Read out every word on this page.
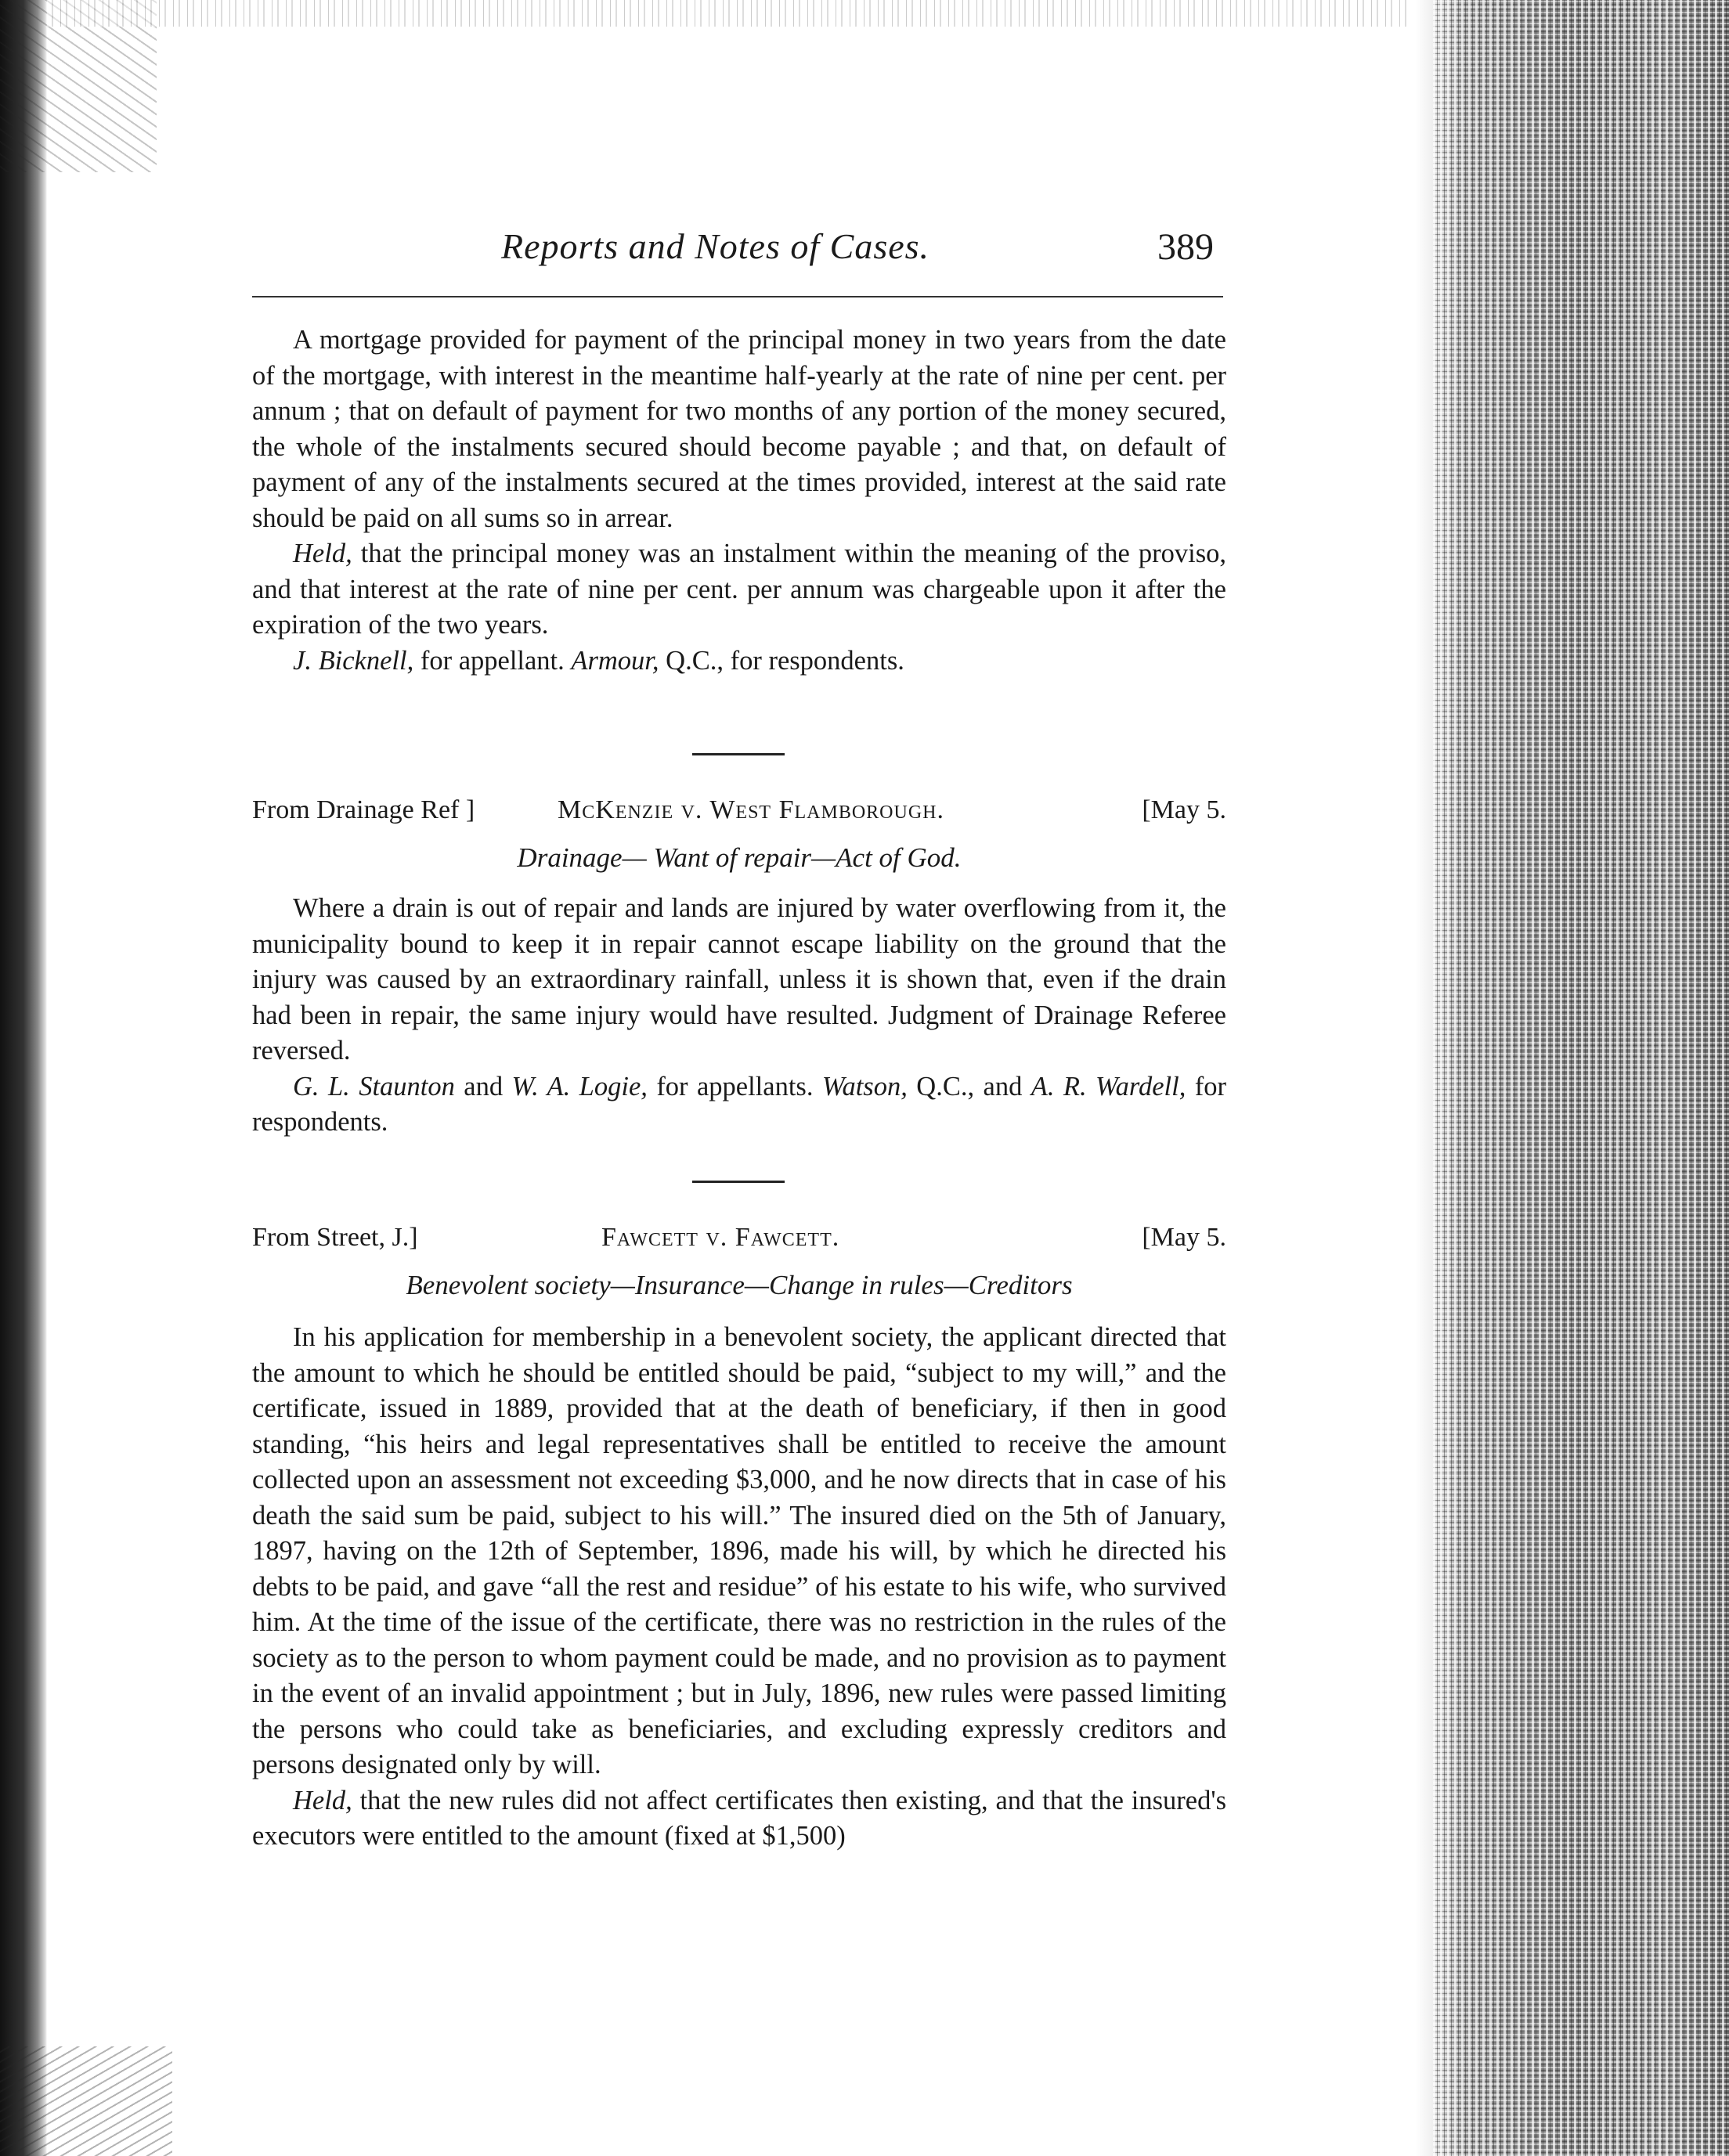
Reports and Notes of Cases.	389

A mortgage provided for payment of the principal money in two years from the date of the mortgage, with interest in the meantime half-yearly at the rate of nine per cent. per annum ; that on default of payment for two months of any portion of the money secured, the whole of the instalments secured should become payable ; and that, on default of payment of any of the instalments secured at the times provided, interest at the said rate should be paid on all sums so in arrear.

Held, that the principal money was an instalment within the meaning of the proviso, and that interest at the rate of nine per cent. per annum was chargeable upon it after the expiration of the two years.

J. Bicknell, for appellant. Armour, Q.C., for respondents.

From Drainage Ref ]	McKenzie v. West Flamborough.	[May 5.
Drainage— Want of repair—Act of God.

Where a drain is out of repair and lands are injured by water overflowing from it, the municipality bound to keep it in repair cannot escape liability on the ground that the injury was caused by an extraordinary rainfall, unless it is shown that, even if the drain had been in repair, the same injury would have resulted. Judgment of Drainage Referee reversed.

G. L. Staunton and W. A. Logie, for appellants. Watson, Q.C., and A. R. Wardell, for respondents.

From Street, J.]	Fawcett v. Fawcett.	[May 5.
Benevolent society—Insurance—Change in rules—Creditors

In his application for membership in a benevolent society, the applicant directed that the amount to which he should be entitled should be paid, “subject to my will,” and the certificate, issued in 1889, provided that at the death of beneficiary, if then in good standing, “his heirs and legal representatives shall be entitled to receive the amount collected upon an assessment not exceeding $3,000, and he now directs that in case of his death the said sum be paid, subject to his will.” The insured died on the 5th of January, 1897, having on the 12th of September, 1896, made his will, by which he directed his debts to be paid, and gave “all the rest and residue” of his estate to his wife, who survived him. At the time of the issue of the certificate, there was no restriction in the rules of the society as to the person to whom payment could be made, and no provision as to payment in the event of an invalid appointment ; but in July, 1896, new rules were passed limiting the persons who could take as beneficiaries, and excluding expressly creditors and persons designated only by will.

Held, that the new rules did not affect certificates then existing, and that the insured's executors were entitled to the amount (fixed at $1,500)
